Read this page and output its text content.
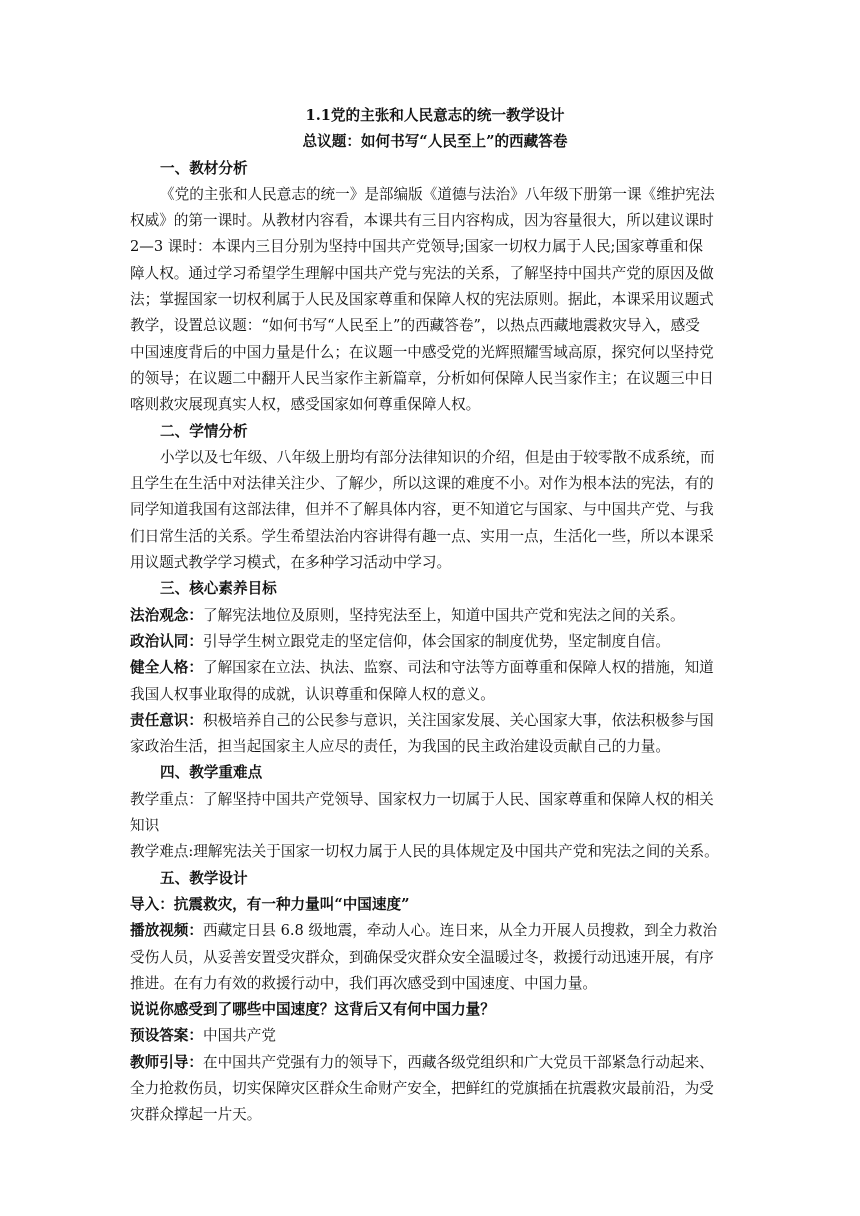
1.1党的主张和人民意志的统一教学设计
总议题：如何书写“人民至上”的西藏答卷
一、教材分析
《党的主张和人民意志的统一》是部编版《道德与法治》八年级下册第一课《维护宪法
权威》的第一课时。从教材内容看，本课共有三目内容构成，因为容量很大，所以建议课时
2—3 课时：本课内三目分别为坚持中国共产党领导;国家一切权力属于人民;国家尊重和保
障人权。通过学习希望学生理解中国共产党与宪法的关系，了解坚持中国共产党的原因及做
法；掌握国家一切权利属于人民及国家尊重和保障人权的宪法原则。据此，本课采用议题式
教学，设置总议题：“如何书写“人民至上”的西藏答卷”，以热点西藏地震救灾导入，感受
中国速度背后的中国力量是什么；在议题一中感受党的光辉照耀雪域高原，探究何以坚持党
的领导；在议题二中翻开人民当家作主新篇章，分析如何保障人民当家作主；在议题三中日
喀则救灾展现真实人权，感受国家如何尊重保障人权。
二、学情分析
小学以及七年级、八年级上册均有部分法律知识的介绍，但是由于较零散不成系统，而
且学生在生活中对法律关注少、了解少，所以这课的难度不小。对作为根本法的宪法，有的
同学知道我国有这部法律，但并不了解具体内容，更不知道它与国家、与中国共产党、与我
们日常生活的关系。学生希望法治内容讲得有趣一点、实用一点，生活化一些，所以本课采
用议题式教学学习模式，在多种学习活动中学习。
三、核心素养目标
法治观念：了解宪法地位及原则，坚持宪法至上，知道中国共产党和宪法之间的关系。
政治认同：引导学生树立跟党走的坚定信仰，体会国家的制度优势，坚定制度自信。
健全人格：了解国家在立法、执法、监察、司法和守法等方面尊重和保障人权的措施，知道
我国人权事业取得的成就，认识尊重和保障人权的意义。
责任意识：积极培养自己的公民参与意识，关注国家发展、关心国家大事，依法积极参与国
家政治生活，担当起国家主人应尽的责任，为我国的民主政治建设贡献自己的力量。
四、教学重难点
教学重点：了解坚持中国共产党领导、国家权力一切属于人民、国家尊重和保障人权的相关
知识
教学难点:理解宪法关于国家一切权力属于人民的具体规定及中国共产党和宪法之间的关系。
五、教学设计
导入：抗震救灾，有一种力量叫“中国速度”
播放视频：西藏定日县 6.8 级地震，牵动人心。连日来，从全力开展人员搜救，到全力救治
受伤人员，从妥善安置受灾群众，到确保受灾群众安全温暖过冬，救援行动迅速开展，有序
推进。在有力有效的救援行动中，我们再次感受到中国速度、中国力量。
说说你感受到了哪些中国速度？这背后又有何中国力量？
预设答案：中国共产党
教师引导：在中国共产党强有力的领导下，西藏各级党组织和广大党员干部紧急行动起来、
全力抢救伤员，切实保障灾区群众生命财产安全，把鲜红的党旗插在抗震救灾最前沿，为受
灾群众撑起一片天。
